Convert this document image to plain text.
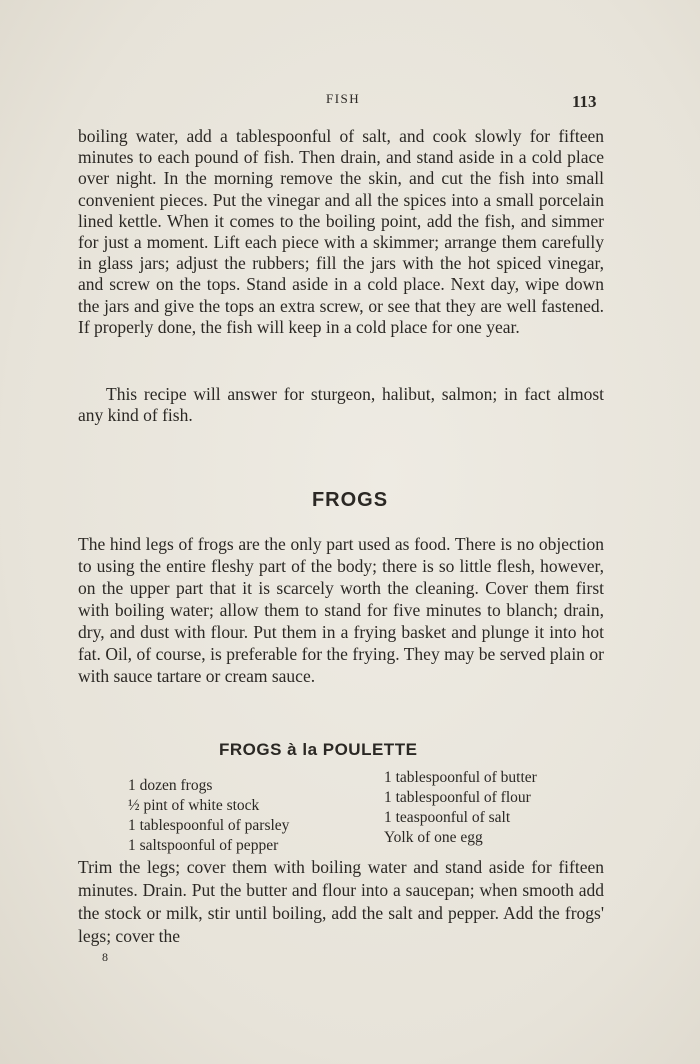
FISH	113

boiling water, add a tablespoonful of salt, and cook slowly for fifteen minutes to each pound of fish. Then drain, and stand aside in a cold place over night. In the morning remove the skin, and cut the fish into small convenient pieces. Put the vinegar and all the spices into a small porcelain lined kettle. When it comes to the boiling point, add the fish, and simmer for just a moment. Lift each piece with a skimmer; arrange them carefully in glass jars; adjust the rubbers; fill the jars with the hot spiced vinegar, and screw on the tops. Stand aside in a cold place. Next day, wipe down the jars and give the tops an extra screw, or see that they are well fastened. If properly done, the fish will keep in a cold place for one year.

This recipe will answer for sturgeon, halibut, salmon; in fact almost any kind of fish.

FROGS

The hind legs of frogs are the only part used as food. There is no objection to using the entire fleshy part of the body; there is so little flesh, however, on the upper part that it is scarcely worth the cleaning. Cover them first with boiling water; allow them to stand for five minutes to blanch; drain, dry, and dust with flour. Put them in a frying basket and plunge it into hot fat. Oil, of course, is preferable for the frying. They may be served plain or with sauce tartare or cream sauce.

FROGS à la POULETTE
1 dozen frogs
½ pint of white stock
1 tablespoonful of parsley
1 saltspoonful of pepper
1 tablespoonful of butter
1 tablespoonful of flour
1 teaspoonful of salt
Yolk of one egg

Trim the legs; cover them with boiling water and stand aside for fifteen minutes. Drain. Put the butter and flour into a saucepan; when smooth add the stock or milk, stir until boiling, add the salt and pepper. Add the frogs' legs; cover the

8
